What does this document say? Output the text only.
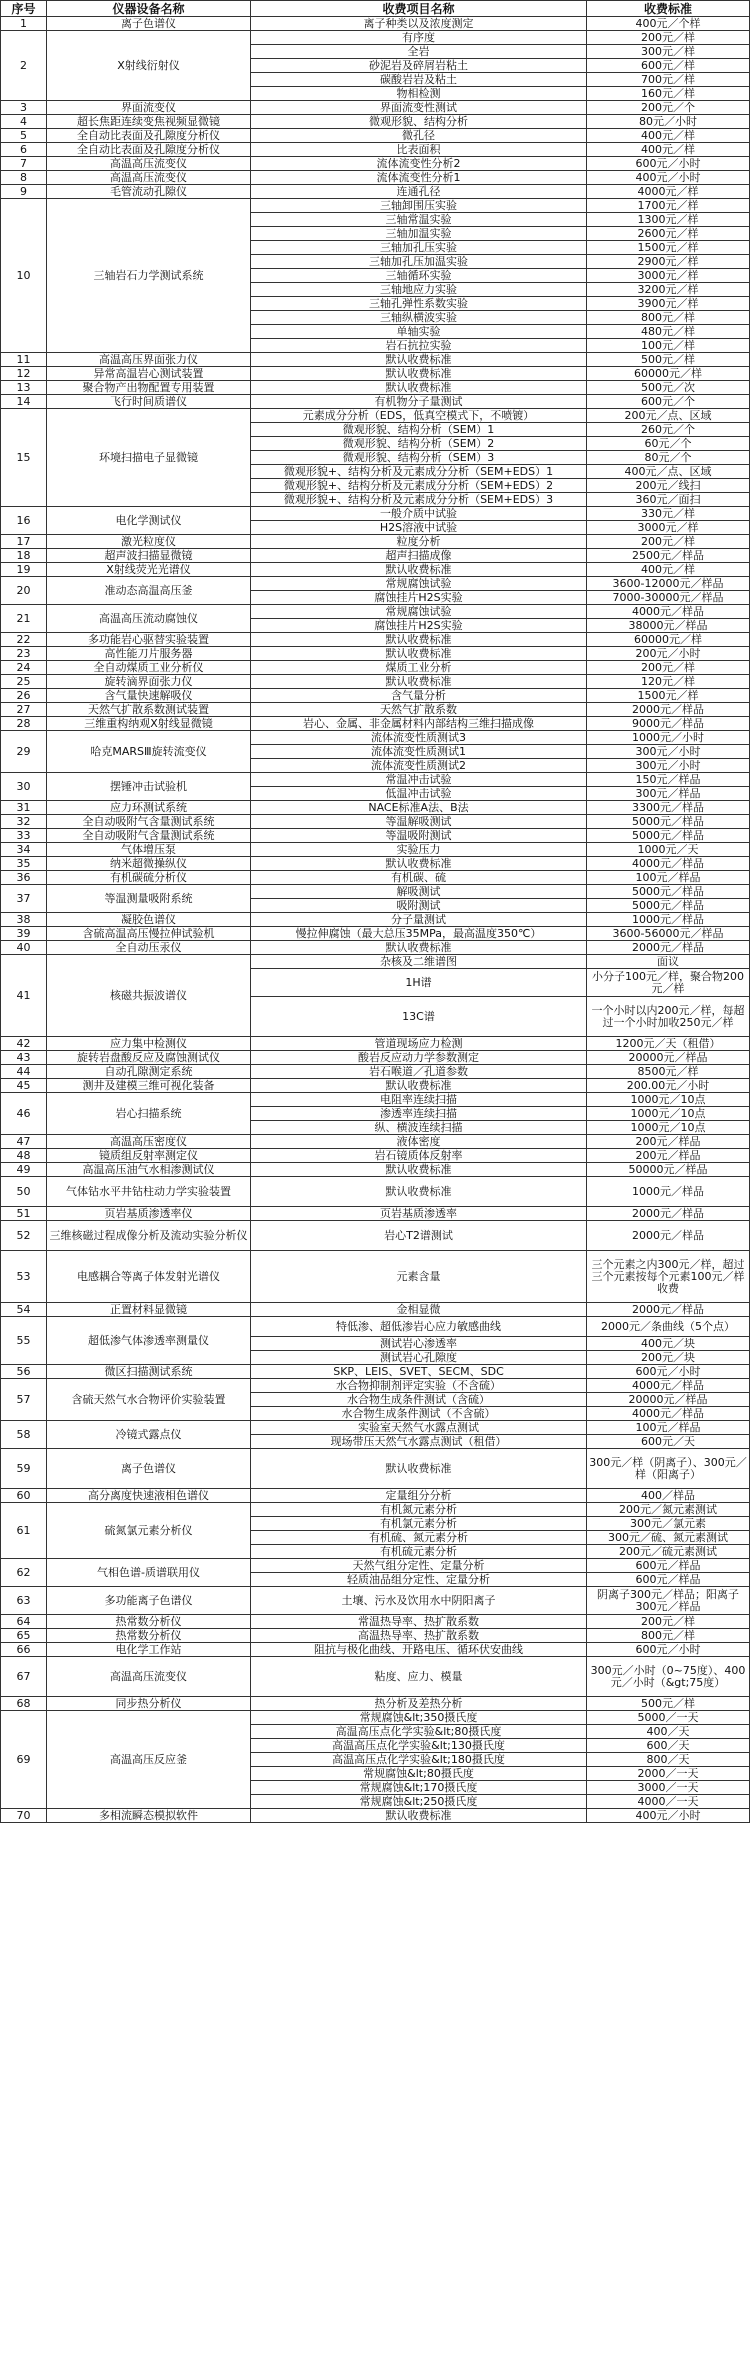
序号	仪器设备名称	收费项目名称	收费标准
1	离子色谱仪	离子种类以及浓度测定	400元／个样
2	X射线衍射仪	有序度	200元／样
		全岩	300元／样
		砂泥岩及碎屑岩粘土	600元／样
		碳酸岩岩及粘土	700元／样
		物相检测	160元／样
3	界面流变仪	界面流变性测试	200元／个
4	超长焦距连续变焦视频显微镜	微观形貌、结构分析	80元／小时
5	全自动比表面及孔隙度分析仪	微孔径	400元／样
6	全自动比表面及孔隙度分析仪	比表面积	400元／样
7	高温高压流变仪	流体流变性分析2	600元／小时
8	高温高压流变仪	流体流变性分析1	400元／小时
9	毛管流动孔隙仪	连通孔径	4000元／样
10	三轴岩石力学测试系统	三轴卸围压实验	1700元／样
		三轴常温实验	1300元／样
		三轴加温实验	2600元／样
		三轴加孔压实验	1500元／样
		三轴加孔压加温实验	2900元／样
		三轴循环实验	3000元／样
		三轴地应力实验	3200元／样
		三轴孔弹性系数实验	3900元／样
		三轴纵横波实验	800元／样
		单轴实验	480元／样
		岩石抗拉实验	100元／样
11	高温高压界面张力仪	默认收费标准	500元／样
12	异常高温岩心测试装置	默认收费标准	60000元／样
13	聚合物产出物配置专用装置	默认收费标准	500元／次
14	飞行时间质谱仪	有机物分子量测试	600元／个
15	环境扫描电子显微镜	元素成分分析（EDS，低真空模式下，不喷镀）	200元／点、区域
		微观形貌、结构分析（SEM）1	260元／个
		微观形貌、结构分析（SEM）2	60元／个
		微观形貌、结构分析（SEM）3	80元／个
		微观形貌+、结构分析及元素成分分析（SEM+EDS）1	400元／点、区域
		微观形貌+、结构分析及元素成分分析（SEM+EDS）2	200元／线扫
		微观形貌+、结构分析及元素成分分析（SEM+EDS）3	360元／面扫
16	电化学测试仪	一般介质中试验	330元／样
		H2S溶液中试验	3000元／样
17	激光粒度仪	粒度分析	200元／样
18	超声波扫描显微镜	超声扫描成像	2500元／样品
19	X射线荧光光谱仪	默认收费标准	400元／样
20	准动态高温高压釜	常规腐蚀试验	3600-12000元／样品
		腐蚀挂片H2S实验	7000-30000元／样品
21	高温高压流动腐蚀仪	常规腐蚀试验	4000元／样品
		腐蚀挂片H2S实验	38000元／样品
22	多功能岩心驱替实验装置	默认收费标准	60000元／样
23	高性能刀片服务器	默认收费标准	200元／小时
24	全自动煤质工业分析仪	煤质工业分析	200元／样
25	旋转滴界面张力仪	默认收费标准	120元／样
26	含气量快速解吸仪	含气量分析	1500元／样
27	天然气扩散系数测试装置	天然气扩散系数	2000元／样品
28	三维重构纳观X射线显微镜	岩心、金属、非金属材料内部结构三维扫描成像	9000元／样品
29	哈克MARSⅢ旋转流变仪	流体流变性质测试3	1000元／小时
		流体流变性质测试1	300元／小时
		流体流变性质测试2	300元／小时
30	摆锤冲击试验机	常温冲击试验	150元／样品
		低温冲击试验	300元／样品
31	应力环测试系统	NACE标准A法、B法	3300元／样品
32	全自动吸附气含量测试系统	等温解吸测试	5000元／样品
33	全自动吸附气含量测试系统	等温吸附测试	5000元／样品
34	气体增压泵	实验压力	1000元／天
35	纳米超微操纵仪	默认收费标准	4000元／样品
36	有机碳硫分析仪	有机碳、硫	100元／样品
37	等温测量吸附系统	解吸测试	5000元／样品
		吸附测试	5000元／样品
38	凝胶色谱仪	分子量测试	1000元／样品
39	含硫高温高压慢拉伸试验机	慢拉伸腐蚀（最大总压35MPa，最高温度350℃）	3600-56000元／样品
40	全自动压汞仪	默认收费标准	2000元／样品
41	核磁共振波谱仪	杂核及二维谱图	面议
		1H谱	小分子100元／样，聚合物200元／样
		13C谱	一个小时以内200元／样，每超过一个小时加收250元／样
42	应力集中检测仪	管道现场应力检测	1200元／天（租借）
43	旋转岩盘酸反应及腐蚀测试仪	酸岩反应动力学参数测定	20000元／样品
44	自动孔隙测定系统	岩石喉道／孔道参数	8500元／样
45	测井及建模三维可视化装备	默认收费标准	200.00元／小时
46	岩心扫描系统	电阻率连续扫描	1000元／10点
		渗透率连续扫描	1000元／10点
		纵、横波连续扫描	1000元／10点
47	高温高压密度仪	液体密度	200元／样品
48	镜质组反射率测定仪	岩石镜质体反射率	200元／样品
49	高温高压油气水相渗测试仪	默认收费标准	50000元／样品
50	气体钻水平井钻柱动力学实验装置	默认收费标准	1000元／样品
51	页岩基质渗透率仪	页岩基质渗透率	2000元／样品
52	三维核磁过程成像分析及流动实验分析仪	岩心T2谱测试	2000元／样品
53	电感耦合等离子体发射光谱仪	元素含量	三个元素之内300元／样，超过三个元素按每个元素100元／样收费
54	正置材料显微镜	金相显微	2000元／样品
55	超低渗气体渗透率测量仪	特低渗、超低渗岩心应力敏感曲线	2000元／条曲线（5个点）
		测试岩心渗透率	400元／块
		测试岩心孔隙度	200元／块
56	微区扫描测试系统	SKP、LEIS、SVET、SECM、SDC	600元／小时
57	含硫天然气水合物评价实验装置	水合物抑制剂评定实验（不含硫）	4000元／样品
		水合物生成条件测试（含硫）	20000元／样品
		水合物生成条件测试（不含硫）	4000元／样品
58	冷镜式露点仪	实验室天然气水露点测试	100元／样品
		现场带压天然气水露点测试（租借）	600元／天
59	离子色谱仪	默认收费标准	300元／样（阴离子）、300元／样（阳离子）
60	高分离度快速液相色谱仪	定量组分分析	400／样品
61	硫氮氯元素分析仪	有机氮元素分析	200元／氮元素测试
		有机氯元素分析	300元／氯元素
		有机硫、氮元素分析	300元／硫、氮元素测试
		有机硫元素分析	200元／硫元素测试
62	气相色谱-质谱联用仪	天然气组分定性、定量分析	600元／样品
		轻质油品组分定性、定量分析	600元／样品
63	多功能离子色谱仪	土壤、污水及饮用水中阴阳离子	阴离子300元／样品；阳离子300元／样品
64	热常数分析仪	常温热导率、热扩散系数	200元／样
65	热常数分析仪	高温热导率、热扩散系数	800元／样
66	电化学工作站	阻抗与极化曲线、开路电压、循环伏安曲线	600元／小时
67	高温高压流变仪	粘度、应力、模量	300元／小时（0~75度）、400元／小时（&gt;75度）
68	同步热分析仪	热分析及差热分析	500元／样
69	高温高压反应釜	常规腐蚀&lt;350摄氏度	5000／一天
		高温高压点化学实验&lt;80摄氏度	400／天
		高温高压点化学实验&lt;130摄氏度	600／天
		高温高压点化学实验&lt;180摄氏度	800／天
		常规腐蚀&lt;80摄氏度	2000／一天
		常规腐蚀&lt;170摄氏度	3000／一天
		常规腐蚀&lt;250摄氏度	4000／一天
70	多相流瞬态模拟软件	默认收费标准	400元／小时
